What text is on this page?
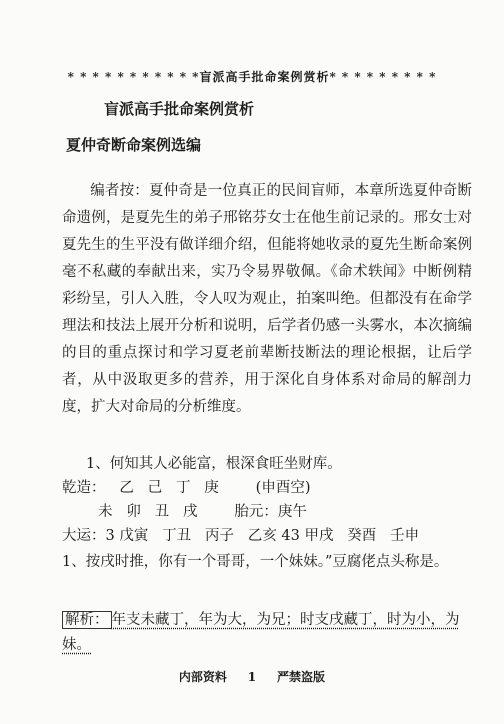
* * * * * * * * * * *盲派高手批命案例赏析* * * * * * * * *
盲派高手批命案例赏析
夏仲奇断命案例选编
编者按：夏仲奇是一位真正的民间盲师，本章所选夏仲奇断命遗例，是夏先生的弟子邢铭芬女士在他生前记录的。邢女士对夏先生的生平没有做详细介绍，但能将她收录的夏先生断命案例毫不私藏的奉献出来，实乃令易界敬佩。《命术轶闻》中断例精彩纷呈，引人入胜，令人叹为观止，拍案叫绝。但都没有在命学理法和技法上展开分析和说明，后学者仍感一头雾水，本次摘编的目的重点探讨和学习夏老前辈断技断法的理论根据，让后学者，从中汲取更多的营养，用于深化自身体系对命局的解剖力度，扩大对命局的分析维度。
1、何知其人必能富，根深食旺坐财库。
乾造：   乙   己   丁   庚        (申酉空)
未   卯   丑   戌        胎元：庚午
大运：3 戊寅   丁丑   丙子   乙亥 43 甲戌   癸酉   壬申
1、按戌时推，你有一个哥哥，一个妹妹。”豆腐佬点头称是。
解析： 年支未藏丁，年为大，为兄；时支戌藏丁，时为小，为妹。
内部资料     1     严禁盗版
